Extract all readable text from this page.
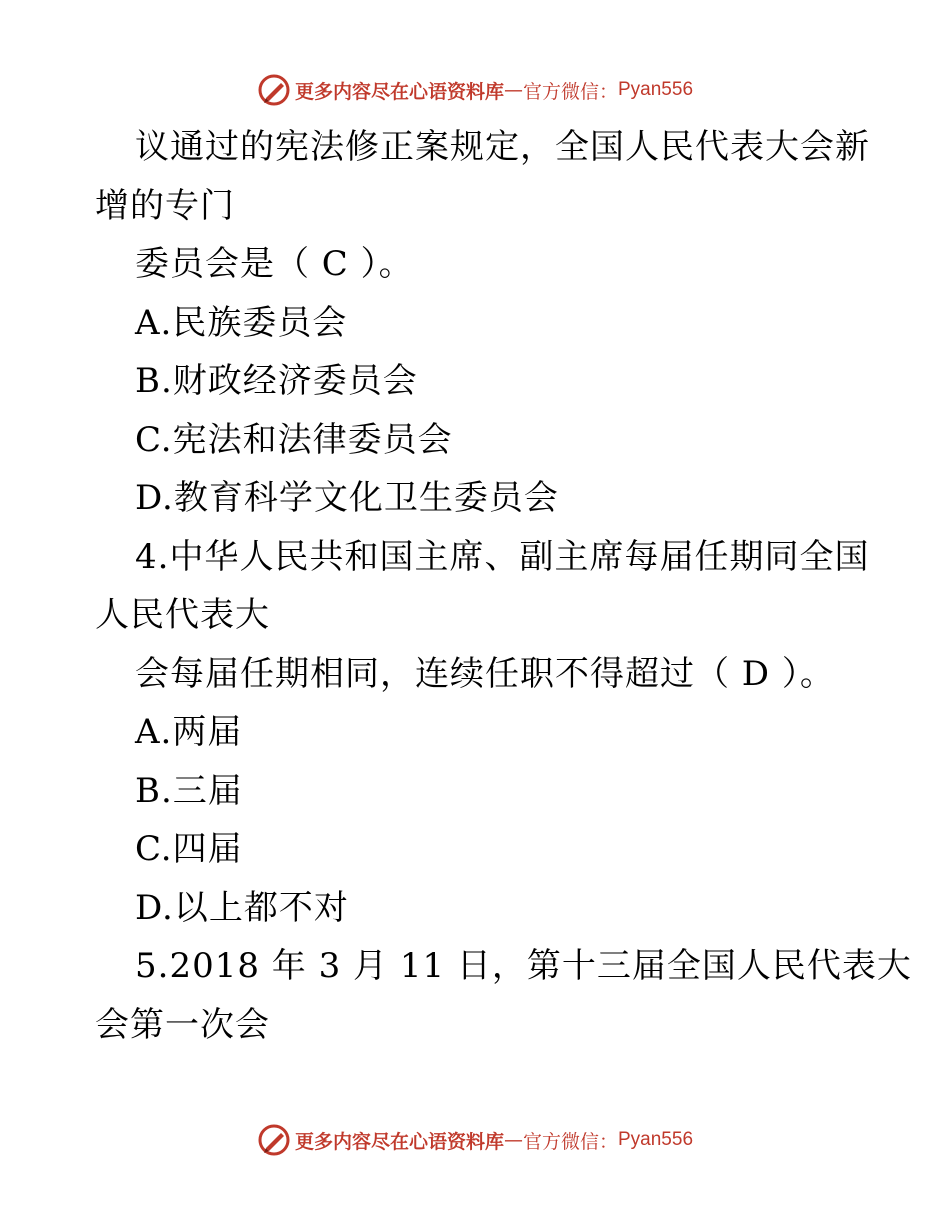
更多内容尽在心语资料库 — 官方微信： Pyan556
议通过的宪法修正案规定，全国人民代表大会新
增的专门
委员会是（ C ）。
A.民族委员会
B.财政经济委员会
C.宪法和法律委员会
D.教育科学文化卫生委员会
4.中华人民共和国主席、副主席每届任期同全国
人民代表大
会每届任期相同，连续任职不得超过（ D ）。
A.两届
B.三届
C.四届
D.以上都不对
5.2018 年 3 月 11 日，第十三届全国人民代表大
会第一次会
更多内容尽在心语资料库 — 官方微信： Pyan556
